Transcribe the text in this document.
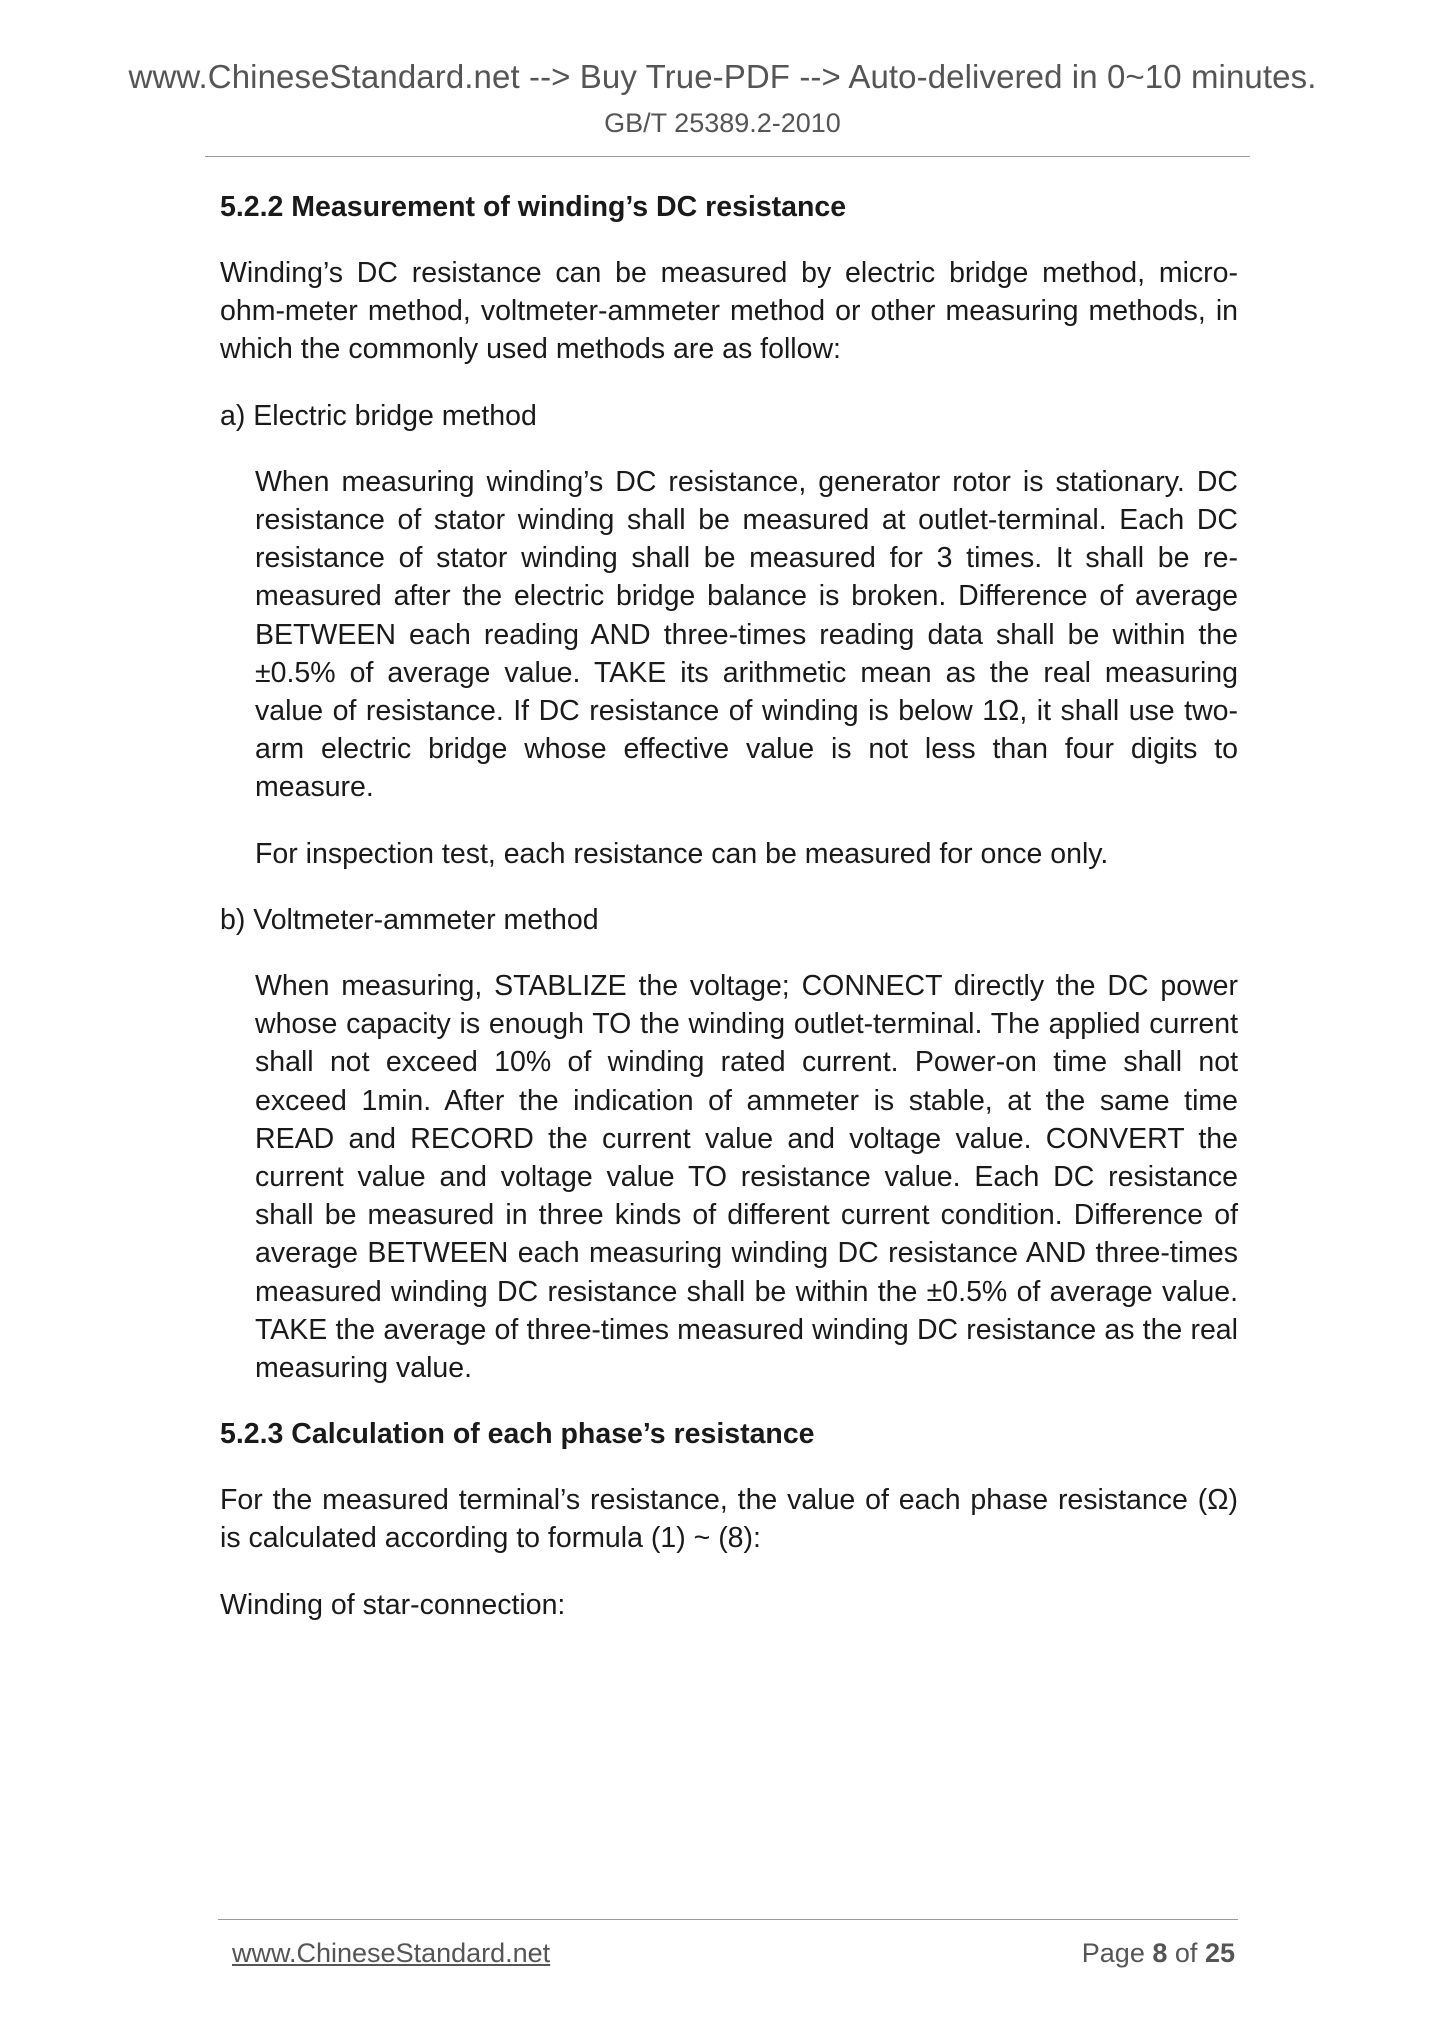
www.ChineseStandard.net --> Buy True-PDF --> Auto-delivered in 0~10 minutes.
GB/T 25389.2-2010
5.2.2 Measurement of winding’s DC resistance

Winding’s DC resistance can be measured by electric bridge method, micro-ohm-meter method, voltmeter-ammeter method or other measuring methods, in which the commonly used methods are as follow:

a) Electric bridge method

When measuring winding’s DC resistance, generator rotor is stationary. DC resistance of stator winding shall be measured at outlet-terminal. Each DC resistance of stator winding shall be measured for 3 times. It shall be re-measured after the electric bridge balance is broken. Difference of average BETWEEN each reading AND three-times reading data shall be within the ±0.5% of average value. TAKE its arithmetic mean as the real measuring value of resistance. If DC resistance of winding is below 1Ω, it shall use two-arm electric bridge whose effective value is not less than four digits to measure.

For inspection test, each resistance can be measured for once only.

b) Voltmeter-ammeter method

When measuring, STABLIZE the voltage; CONNECT directly the DC power whose capacity is enough TO the winding outlet-terminal. The applied current shall not exceed 10% of winding rated current. Power-on time shall not exceed 1min. After the indication of ammeter is stable, at the same time READ and RECORD the current value and voltage value. CONVERT the current value and voltage value TO resistance value. Each DC resistance shall be measured in three kinds of different current condition. Difference of average BETWEEN each measuring winding DC resistance AND three-times measured winding DC resistance shall be within the ±0.5% of average value. TAKE the average of three-times measured winding DC resistance as the real measuring value.

5.2.3 Calculation of each phase’s resistance

For the measured terminal’s resistance, the value of each phase resistance (Ω) is calculated according to formula (1) ~ (8):

Winding of star-connection:

www.ChineseStandard.net	Page 8 of 25
